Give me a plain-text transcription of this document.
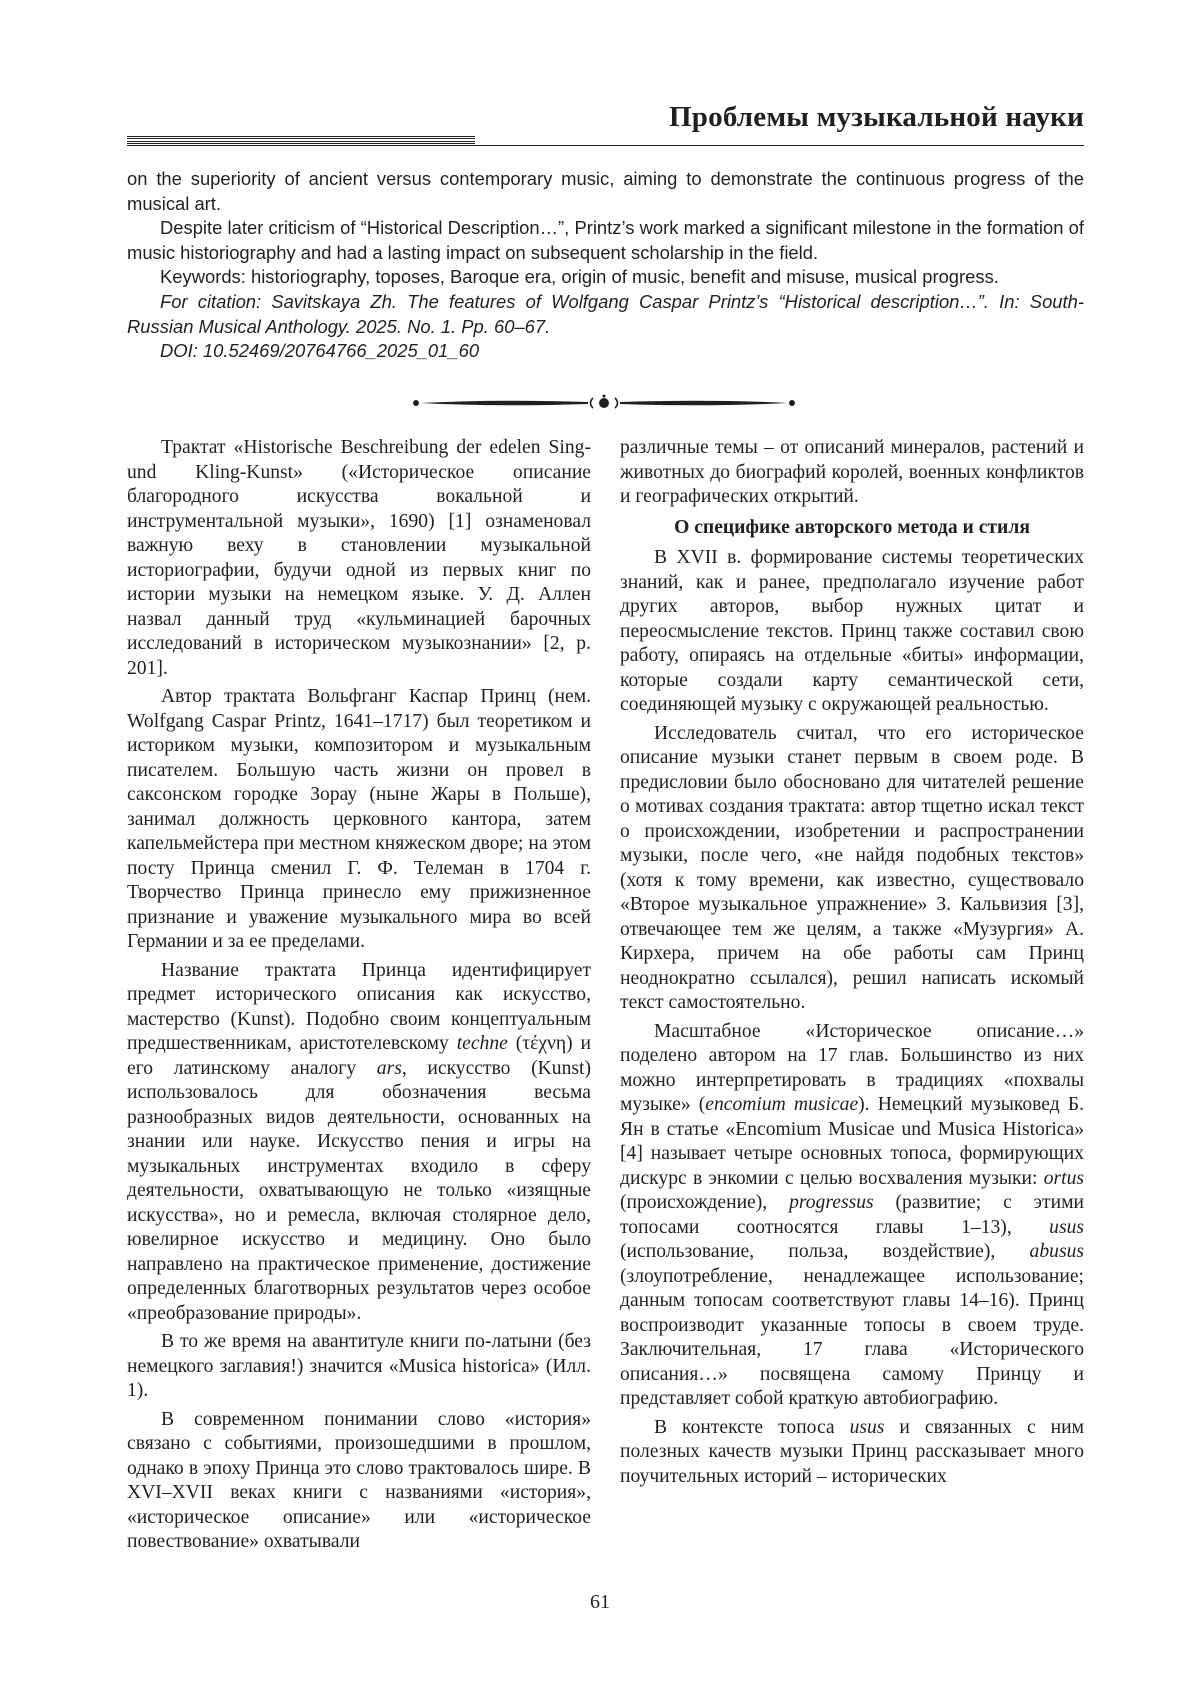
Проблемы музыкальной науки

on the superiority of ancient versus contemporary music, aiming to demonstrate the continuous progress of the musical art.

Despite later criticism of “Historical Description…”, Printz’s work marked a significant milestone in the formation of music historiography and had a lasting impact on subsequent scholarship in the field.

Keywords: historiography, toposes, Baroque era, origin of music, benefit and misuse, musical progress.

For citation: Savitskaya Zh. The features of Wolfgang Caspar Printz’s “Historical description…”. In: South-Russian Musical Anthology. 2025. No. 1. Pp. 60–67.

DOI: 10.52469/20764766_2025_01_60

Трактат «Historische Beschreibung der edelen Sing- und Kling-Kunst» («Историческое описание благородного искусства вокальной и инструментальной музыки», 1690) [1] ознаменовал важную веху в становлении музыкальной историографии, будучи одной из первых книг по истории музыки на немецком языке. У. Д. Аллен назвал данный труд «кульминацией барочных исследований в историческом музыкознании» [2, p. 201].

Автор трактата Вольфганг Каспар Принц (нем. Wolfgang Caspar Printz, 1641–1717) был теоретиком и историком музыки, композитором и музыкальным писателем. Большую часть жизни он провел в саксонском городке Зорау (ныне Жары в Польше), занимал должность церковного кантора, затем капельмейстера при местном княжеском дворе; на этом посту Принца сменил Г. Ф. Телеман в 1704 г. Творчество Принца принесло ему прижизненное признание и уважение музыкального мира во всей Германии и за ее пределами.

Название трактата Принца идентифицирует предмет исторического описания как искусство, мастерство (Kunst). Подобно своим концептуальным предшественникам, аристотелевскому techne (τέχνη) и его латинскому аналогу ars, искусство (Kunst) использовалось для обозначения весьма разнообразных видов деятельности, основанных на знании или науке. Искусство пения и игры на музыкальных инструментах входило в сферу деятельности, охватывающую не только «изящные искусства», но и ремесла, включая столярное дело, ювелирное искусство и медицину. Оно было направлено на практическое применение, достижение определенных благотворных результатов через особое «преобразование природы».

В то же время на авантитуле книги по-латыни (без немецкого заглавия!) значится «Musica historica» (Илл. 1).

В современном понимании слово «история» связано с событиями, произошедшими в прошлом, однако в эпоху Принца это слово трактовалось шире. В XVI–XVII веках книги с названиями «история», «историческое описание» или «историческое повествование» охватывали

различные темы – от описаний минералов, растений и животных до биографий королей, военных конфликтов и географических открытий.

О специфике авторского метода и стиля

В XVII в. формирование системы теоретических знаний, как и ранее, предполагало изучение работ других авторов, выбор нужных цитат и переосмысление текстов. Принц также составил свою работу, опираясь на отдельные «биты» информации, которые создали карту семантической сети, соединяющей музыку с окружающей реальностью.

Исследователь считал, что его историческое описание музыки станет первым в своем роде. В предисловии было обосновано для читателей решение о мотивах создания трактата: автор тщетно искал текст о происхождении, изобретении и распространении музыки, после чего, «не найдя подобных текстов» (хотя к тому времени, как известно, существовало «Второе музыкальное упражнение» З. Кальвизия [3], отвечающее тем же целям, а также «Музургия» А. Кирхера, причем на обе работы сам Принц неоднократно ссылался), решил написать искомый текст самостоятельно.

Масштабное «Историческое описание…» поделено автором на 17 глав. Большинство из них можно интерпретировать в традициях «похвалы музыке» (encomium musicae). Немецкий музыковед Б. Ян в статье «Encomium Musicae und Musica Historica» [4] называет четыре основных топоса, формирующих дискурс в энкомии с целью восхваления музыки: ortus (происхождение), progressus (развитие; с этими топосами соотносятся главы 1–13), usus (использование, польза, воздействие), abusus (злоупотребление, ненадлежащее использование; данным топосам соответствуют главы 14–16). Принц воспроизводит указанные топосы в своем труде. Заключительная, 17 глава «Исторического описания…» посвящена самому Принцу и представляет собой краткую автобиографию.

В контексте топоса usus и связанных с ним полезных качеств музыки Принц рассказывает много поучительных историй – исторических

61
